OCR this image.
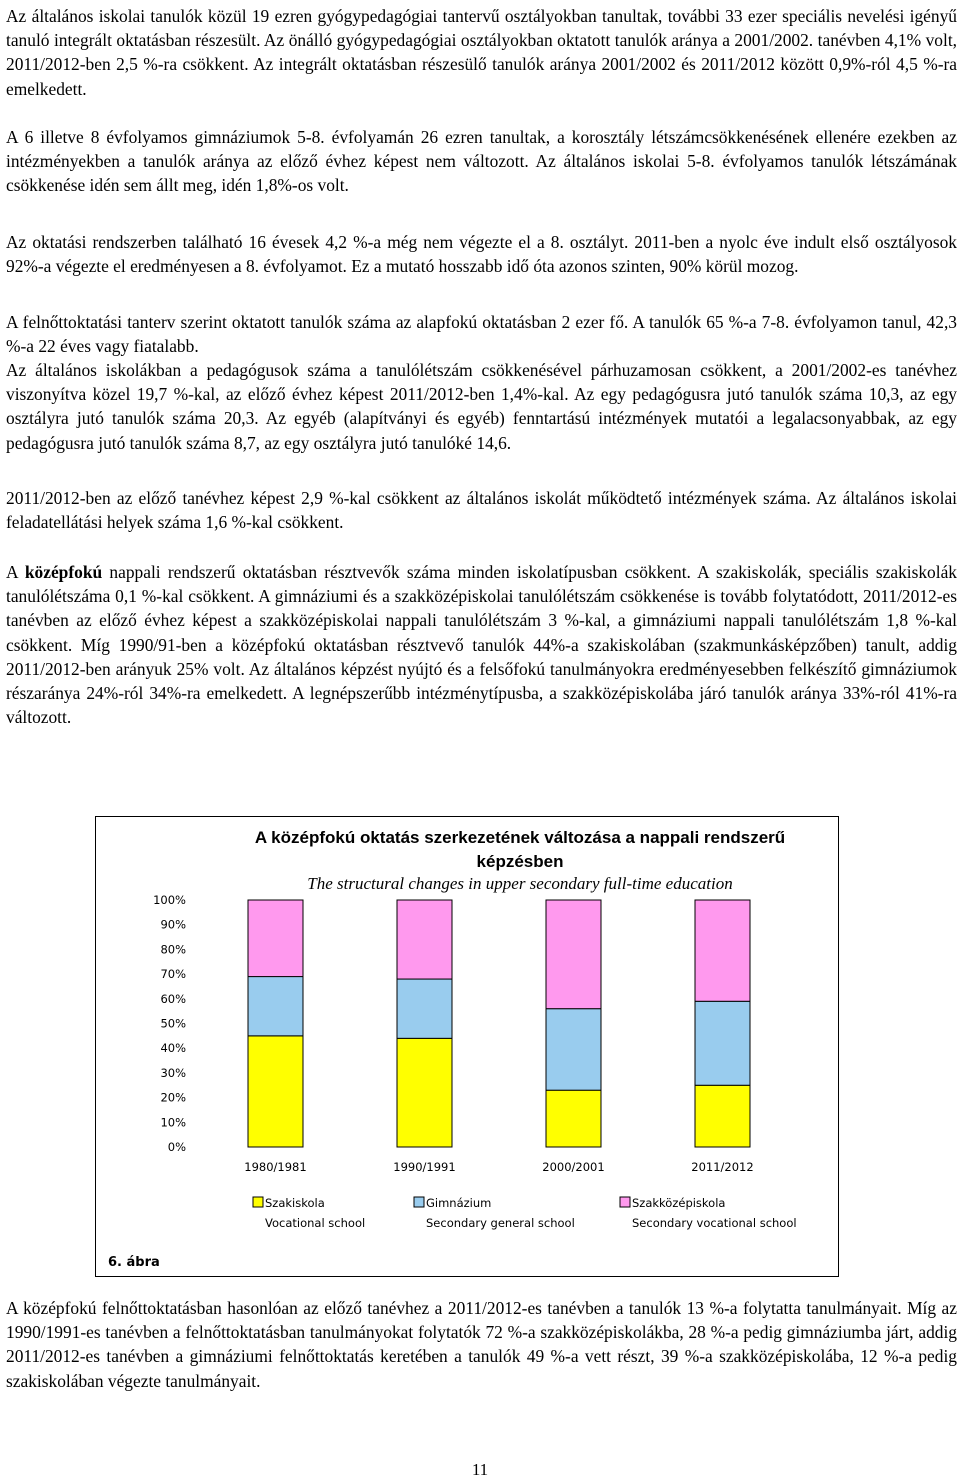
Az általános iskolai tanulók közül 19 ezren gyógypedagógiai tantervű osztályokban tanultak, további 33 ezer speciális nevelési igényű tanuló integrált oktatásban részesült. Az önálló gyógypedagógiai osztályokban oktatott tanulók aránya a 2001/2002. tanévben 4,1% volt, 2011/2012-ben 2,5 %-ra csökkent. Az integrált oktatásban részesülő tanulók aránya 2001/2002 és 2011/2012 között 0,9%-ról 4,5 %-ra emelkedett.

A 6 illetve 8 évfolyamos gimnáziumok 5-8. évfolyamán 26 ezren tanultak, a korosztály létszámcsökkenésének ellenére ezekben az intézményekben a tanulók aránya az előző évhez képest nem változott. Az általános iskolai 5-8. évfolyamos tanulók létszámának csökkenése idén sem állt meg, idén 1,8%-os volt.

Az oktatási rendszerben található 16 évesek 4,2 %-a még nem végezte el a 8. osztályt. 2011-ben a nyolc éve indult első osztályosok 92%-a végezte el eredményesen a 8. évfolyamot. Ez a mutató hosszabb idő óta azonos szinten, 90% körül mozog.

A felnőttoktatási tanterv szerint oktatott tanulók száma az alapfokú oktatásban 2 ezer fő. A tanulók 65 %-a 7-8. évfolyamon tanul, 42,3 %-a 22 éves vagy fiatalabb.

Az általános iskolákban a pedagógusok száma a tanulólétszám csökkenésével párhuzamosan csökkent, a 2001/2002-es tanévhez viszonyítva közel 19,7 %-kal, az előző évhez képest 2011/2012-ben 1,4%-kal. Az egy pedagógusra jutó tanulók száma 10,3, az egy osztályra jutó tanulók száma 20,3. Az egyéb (alapítványi és egyéb) fenntartású intézmények mutatói a legalacsonyabbak, az egy pedagógusra jutó tanulók száma 8,7, az egy osztályra jutó tanulóké 14,6.

2011/2012-ben az előző tanévhez képest 2,9 %-kal csökkent az általános iskolát működtető intézmények száma. Az általános iskolai feladatellátási helyek száma 1,6 %-kal csökkent.

A középfokú nappali rendszerű oktatásban résztvevők száma minden iskolatípusban csökkent. A szakiskolák, speciális szakiskolák tanulólétszáma 0,1 %-kal csökkent. A gimnáziumi és a szakközépiskolai tanulólétszám csökkenése is tovább folytatódott, 2011/2012-es tanévben az előző évhez képest a szakközépiskolai nappali tanulólétszám 3 %-kal, a gimnáziumi nappali tanulólétszám 1,8 %-kal csökkent. Míg 1990/91-ben a középfokú oktatásban résztvevő tanulók 44%-a szakiskolában (szakmunkásképzőben) tanult, addig 2011/2012-ben arányuk 25% volt. Az általános képzést nyújtó és a felsőfokú tanulmányokra eredményesebben felkészítő gimnáziumok részaránya 24%-ról 34%-ra emelkedett. A legnépszerűbb intézménytípusba, a szakközépiskolába járó tanulók aránya 33%-ról 41%-ra változott.

0%
10%
20%
30%
40%
50%
60%
70%
80%
90%
100%
1980/1981	1990/1991	2000/2001	2011/2012
Szakiskola
Vocational school
Gimnázium
Secondary general school
Szakközépiskola
Secondary vocational school
A középfokú oktatás szerkezetének változása a nappali rendszerű képzésben
The structural changes in upper secondary full-time education
6. ábra

A középfokú felnőttoktatásban hasonlóan az előző tanévhez a 2011/2012-es tanévben a tanulók 13 %-a folytatta tanulmányait. Míg az 1990/1991-es tanévben a felnőttoktatásban tanulmányokat folytatók 72 %-a szakközépiskolákba, 28 %-a pedig gimnáziumba járt, addig 2011/2012-es tanévben a gimnáziumi felnőttoktatás keretében a tanulók 49 %-a vett részt, 39 %-a szakközépiskolába, 12 %-a pedig szakiskolában végezte tanulmányait.

11
